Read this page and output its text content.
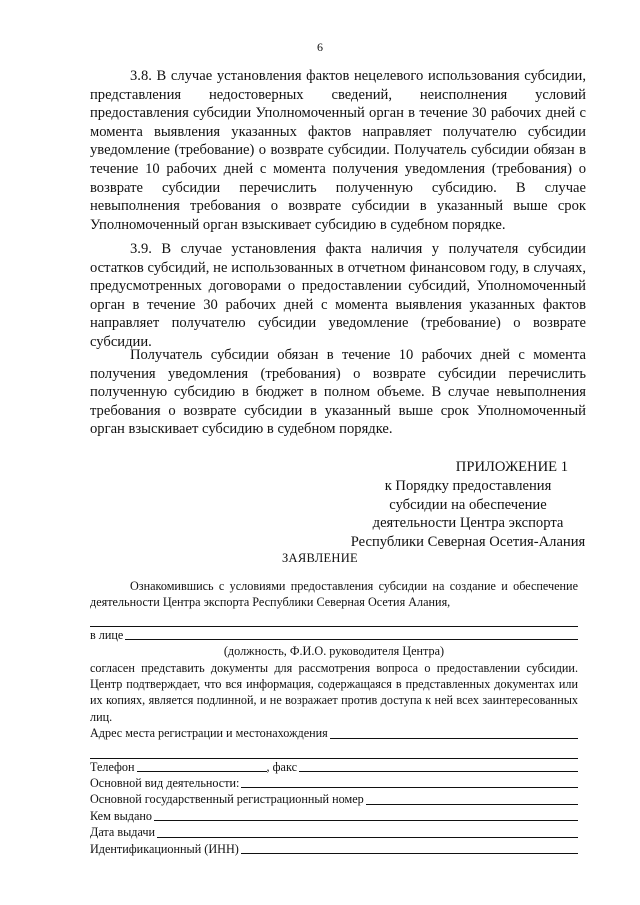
6

3.8. В случае установления фактов нецелевого использования субсидии, представления недостоверных сведений, неисполнения условий предоставления субсидии Уполномоченный орган в течение 30 рабочих дней с момента выявления указанных фактов направляет получателю субсидии уведомление (требование) о возврате субсидии. Получатель субсидии обязан в течение 10 рабочих дней с момента получения уведомления (требования) о возврате субсидии перечислить полученную субсидию. В случае невыполнения требования о возврате субсидии в указанный выше срок Уполномоченный орган взыскивает субсидию в судебном порядке.

3.9. В случае установления факта наличия у получателя субсидии остатков субсидий, не использованных в отчетном финансовом году, в случаях, предусмотренных договорами о предоставлении субсидий, Уполномоченный орган в течение 30 рабочих дней с момента выявления указанных фактов направляет получателю субсидии уведомление (требование) о возврате субсидии.

Получатель субсидии обязан в течение 10 рабочих дней с момента получения уведомления (требования) о возврате субсидии перечислить полученную субсидию в бюджет в полном объеме. В случае невыполнения требования о возврате субсидии в указанный выше срок Уполномоченный орган взыскивает субсидию в судебном порядке.

ПРИЛОЖЕНИЕ 1
к Порядку предоставления
субсидии на обеспечение
деятельности Центра экспорта
Республики Северная Осетия-Алания
ЗАЯВЛЕНИЕ
Ознакомившись с условиями предоставления субсидии на создание и обеспечение деятельности Центра экспорта Республики Северная Осетия Алания,
в лице
(должность, Ф.И.О. руководителя Центра)
согласен представить документы для рассмотрения вопроса о предоставлении субсидии. Центр подтверждает, что вся информация, содержащаяся в представленных документах или их копиях, является подлинной, и не возражает против доступа к ней всех заинтересованных лиц.
Адрес места регистрации и местонахождения
Телефон	, факс
Основной вид деятельности:
Основной государственный регистрационный номер
Кем выдано
Дата выдачи
Идентификационный (ИНН)
